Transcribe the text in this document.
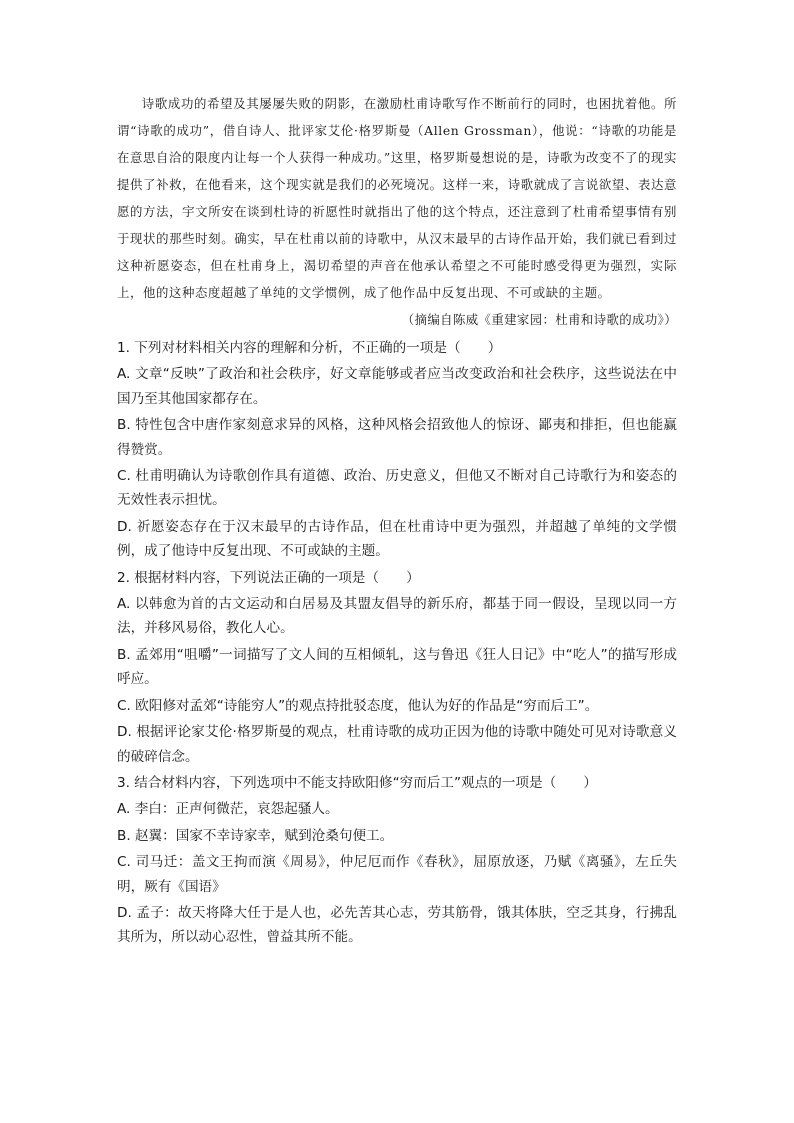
诗歌成功的希望及其屡屡失败的阴影，在激励杜甫诗歌写作不断前行的同时，也困扰着他。所谓“诗歌的成功”，借自诗人、批评家艾伦·格罗斯曼（Allen Grossman），他说：“诗歌的功能是在意思自洽的限度内让每一个人获得一种成功。”这里，格罗斯曼想说的是，诗歌为改变不了的现实提供了补救，在他看来，这个现实就是我们的必死境况。这样一来，诗歌就成了言说欲望、表达意愿的方法，宇文所安在谈到杜诗的祈愿性时就指出了他的这个特点，还注意到了杜甫希望事情有别于现状的那些时刻。确实，早在杜甫以前的诗歌中，从汉末最早的古诗作品开始，我们就已看到过这种祈愿姿态，但在杜甫身上，渴切希望的声音在他承认希望之不可能时感受得更为强烈，实际上，他的这种态度超越了单纯的文学惯例，成了他作品中反复出现、不可或缺的主题。

（摘编自陈威《重建家园：杜甫和诗歌的成功》）

1. 下列对材料相关内容的理解和分析，不正确的一项是（　　）

A. 文章“反映”了政治和社会秩序，好文章能够或者应当改变政治和社会秩序，这些说法在中国乃至其他国家都存在。

B. 特性包含中唐作家刻意求异的风格，这种风格会招致他人的惊讶、鄙夷和排拒，但也能赢得赞赏。

C. 杜甫明确认为诗歌创作具有道德、政治、历史意义，但他又不断对自己诗歌行为和姿态的无效性表示担忧。

D. 祈愿姿态存在于汉末最早的古诗作品，但在杜甫诗中更为强烈，并超越了单纯的文学惯例，成了他诗中反复出现、不可或缺的主题。

2. 根据材料内容，下列说法正确的一项是（　　）

A. 以韩愈为首的古文运动和白居易及其盟友倡导的新乐府，都基于同一假设，呈现以同一方法，并移风易俗，教化人心。

B. 孟郊用“咀嚼”一词描写了文人间的互相倾轧，这与鲁迅《狂人日记》中“吃人”的描写形成呼应。

C. 欧阳修对孟郊“诗能穷人”的观点持批驳态度，他认为好的作品是“穷而后工”。

D. 根据评论家艾伦·格罗斯曼的观点，杜甫诗歌的成功正因为他的诗歌中随处可见对诗歌意义的破碎信念。

3. 结合材料内容，下列选项中不能支持欧阳修“穷而后工”观点的一项是（　　）

A. 李白：正声何微茫，哀怨起骚人。

B. 赵翼：国家不幸诗家幸，赋到沧桑句便工。

C. 司马迁：盖文王拘而演《周易》，仲尼厄而作《春秋》，屈原放逐，乃赋《离骚》，左丘失明，厥有《国语》

D. 孟子：故天将降大任于是人也，必先苦其心志，劳其筋骨，饿其体肤，空乏其身，行拂乱其所为，所以动心忍性，曾益其所不能。
